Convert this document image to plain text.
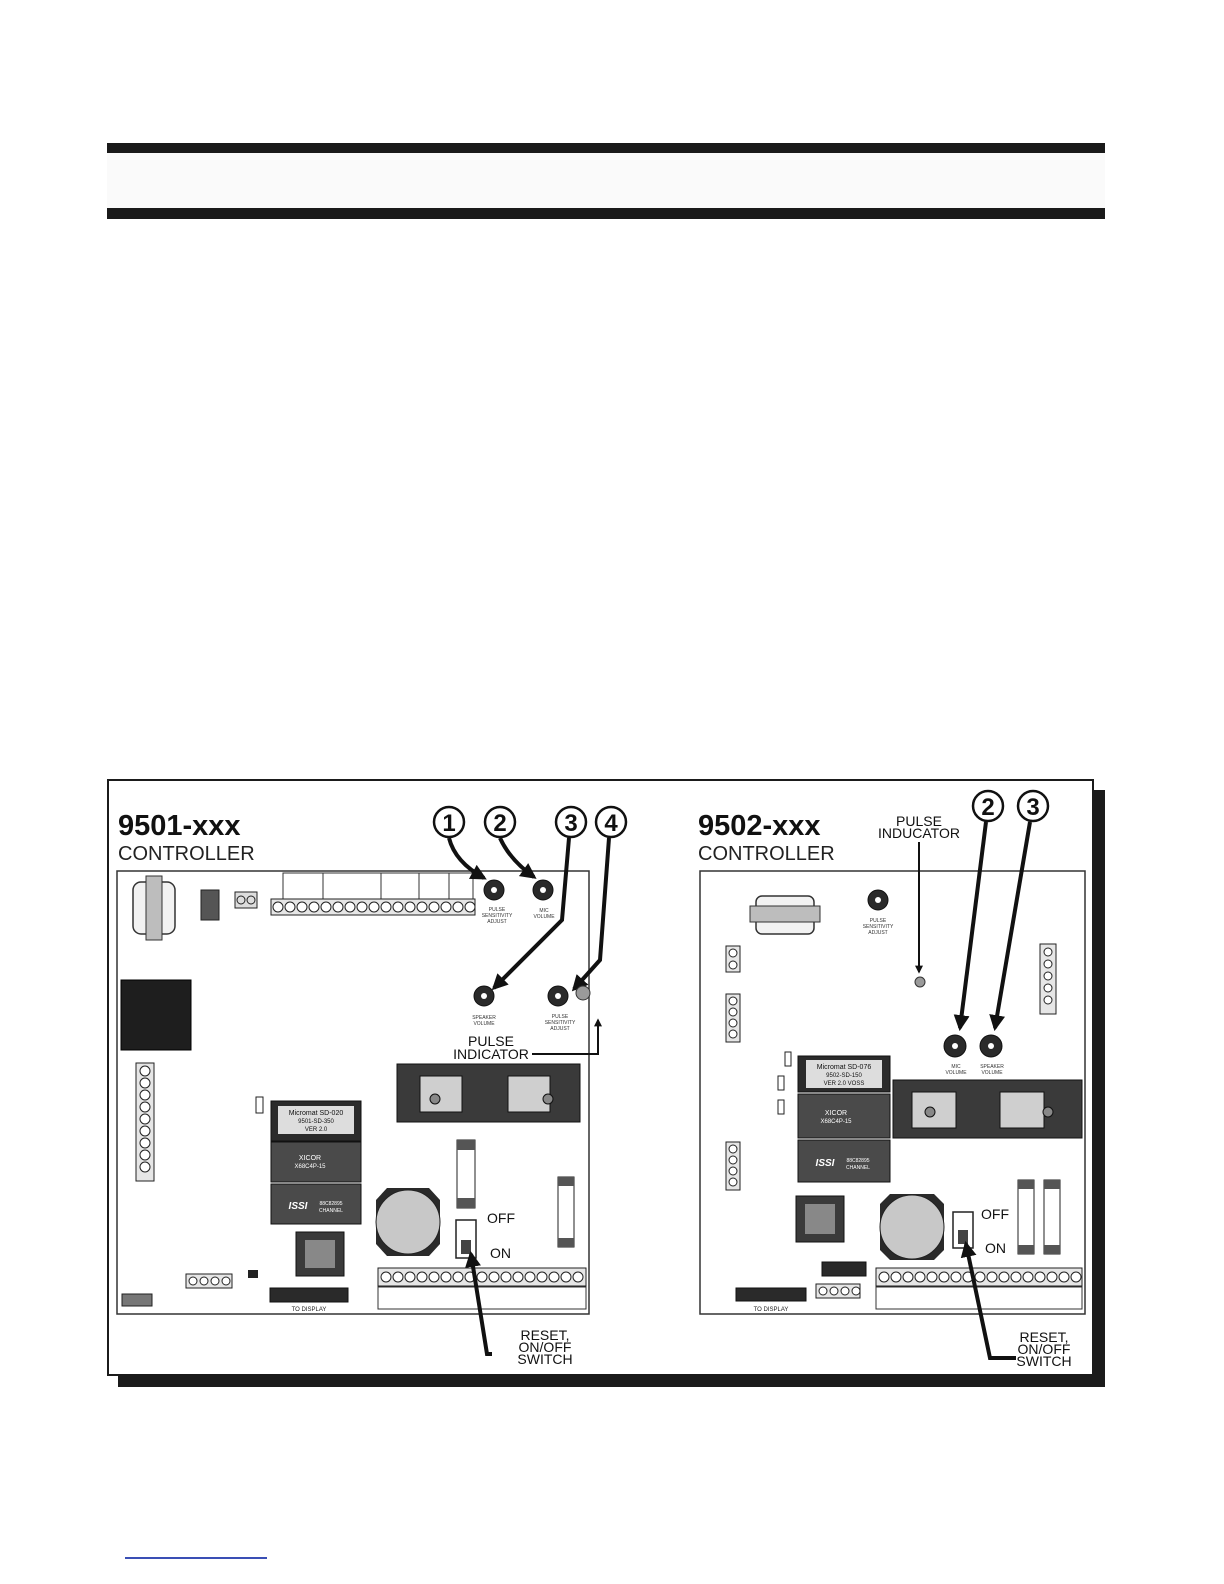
9501-xxx
CONTROLLER
PULSE
SENSITIVITY
ADJUST
MIC
VOLUME
1 2 3 4
SPEAKER
VOLUME
PULSE
SENSITIVITY
ADJUST
PULSE
INDICATOR
Micromat SD-020
9501-SD-350
VER 2.0
XICOR
X68C4P-15
ISSI 88C82895
CHANNEL	OFF
ON
TO DISPLAY
RESET,
ON/OFF
SWITCH
9502-xxx
CONTROLLER
2 3
PULSE
INDUCATOR
PULSE
SENSITIVITY
ADJUST
MIC
VOLUME
SPEAKER
VOLUME
Micromat SD-076
9502-SD-150
VER 2.0 VOSS
XICOR
X68C4P-15
ISSI 88C82895
CHANNEL
OFF
ON
TO DISPLAY
RESET,
ON/OFF
SWITCH
